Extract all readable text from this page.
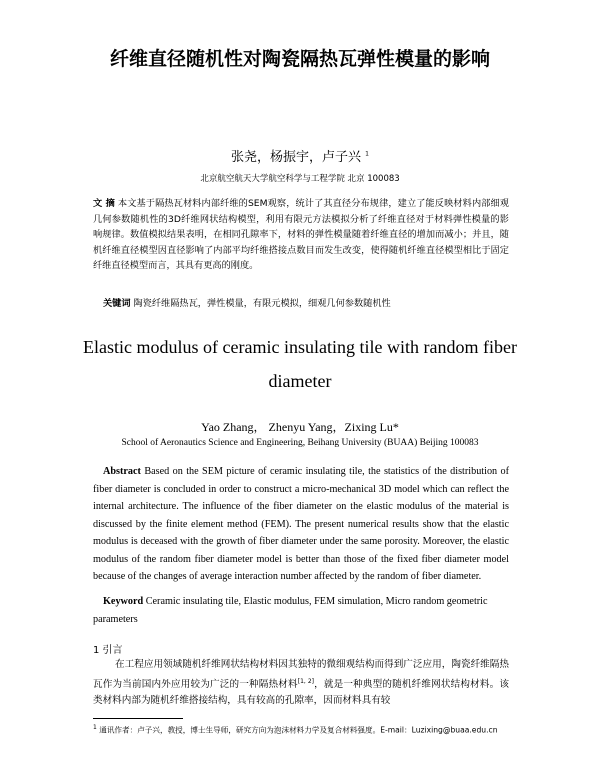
纤维直径随机性对陶瓷隔热瓦弹性模量的影响
张尧，杨振宇，卢子兴 $^1$
北京航空航天大学航空科学与工程学院 北京 100083
文 摘 本文基于隔热瓦材料内部纤维的SEM观察，统计了其直径分布规律，建立了能反映材料内部细观几何参数随机性的3D纤维网状结构模型，利用有限元方法模拟分析了纤维直径对于材料弹性模量的影响规律。数值模拟结果表明，在相同孔隙率下，材料的弹性模量随着纤维直径的增加而减小；并且，随机纤维直径模型因直径影响了内部平均纤维搭接点数目而发生改变，使得随机纤维直径模型相比于固定纤维直径模型而言，其具有更高的刚度。
关键词 陶瓷纤维隔热瓦，弹性模量，有限元模拟，细观几何参数随机性
Elastic modulus of ceramic insulating tile with random fiber diameter
Yao Zhang， Zhenyu Yang，Zixing Lu*
School of Aeronautics Science and Engineering, Beihang University (BUAA) Beijing 100083
Abstract Based on the SEM picture of ceramic insulating tile, the statistics of the distribution of fiber diameter is concluded in order to construct a micro-mechanical 3D model which can reflect the internal architecture. The influence of the fiber diameter on the elastic modulus of the material is discussed by the finite element method (FEM). The present numerical results show that the elastic modulus is deceased with the growth of fiber diameter under the same porosity. Moreover, the elastic modulus of the random fiber diameter model is better than those of the fixed fiber diameter model because of the changes of average interaction number affected by the random of fiber diameter.
Keyword Ceramic insulating tile, Elastic modulus, FEM simulation, Micro random geometric parameters
1 引言
在工程应用领域随机纤维网状结构材料因其独特的微细观结构而得到广泛应用，陶瓷纤维隔热瓦作为当前国内外应用较为广泛的一种隔热材料[1, 2]，就是一种典型的随机纤维网状结构材料。该类材料内部为随机纤维搭接结构，具有较高的孔隙率，因而材料具有较
$^1$ 通讯作者：卢子兴，教授，博士生导师，研究方向为泡沫材料力学及复合材料强度。E-mail：Luzixing@buaa.edu.cn
